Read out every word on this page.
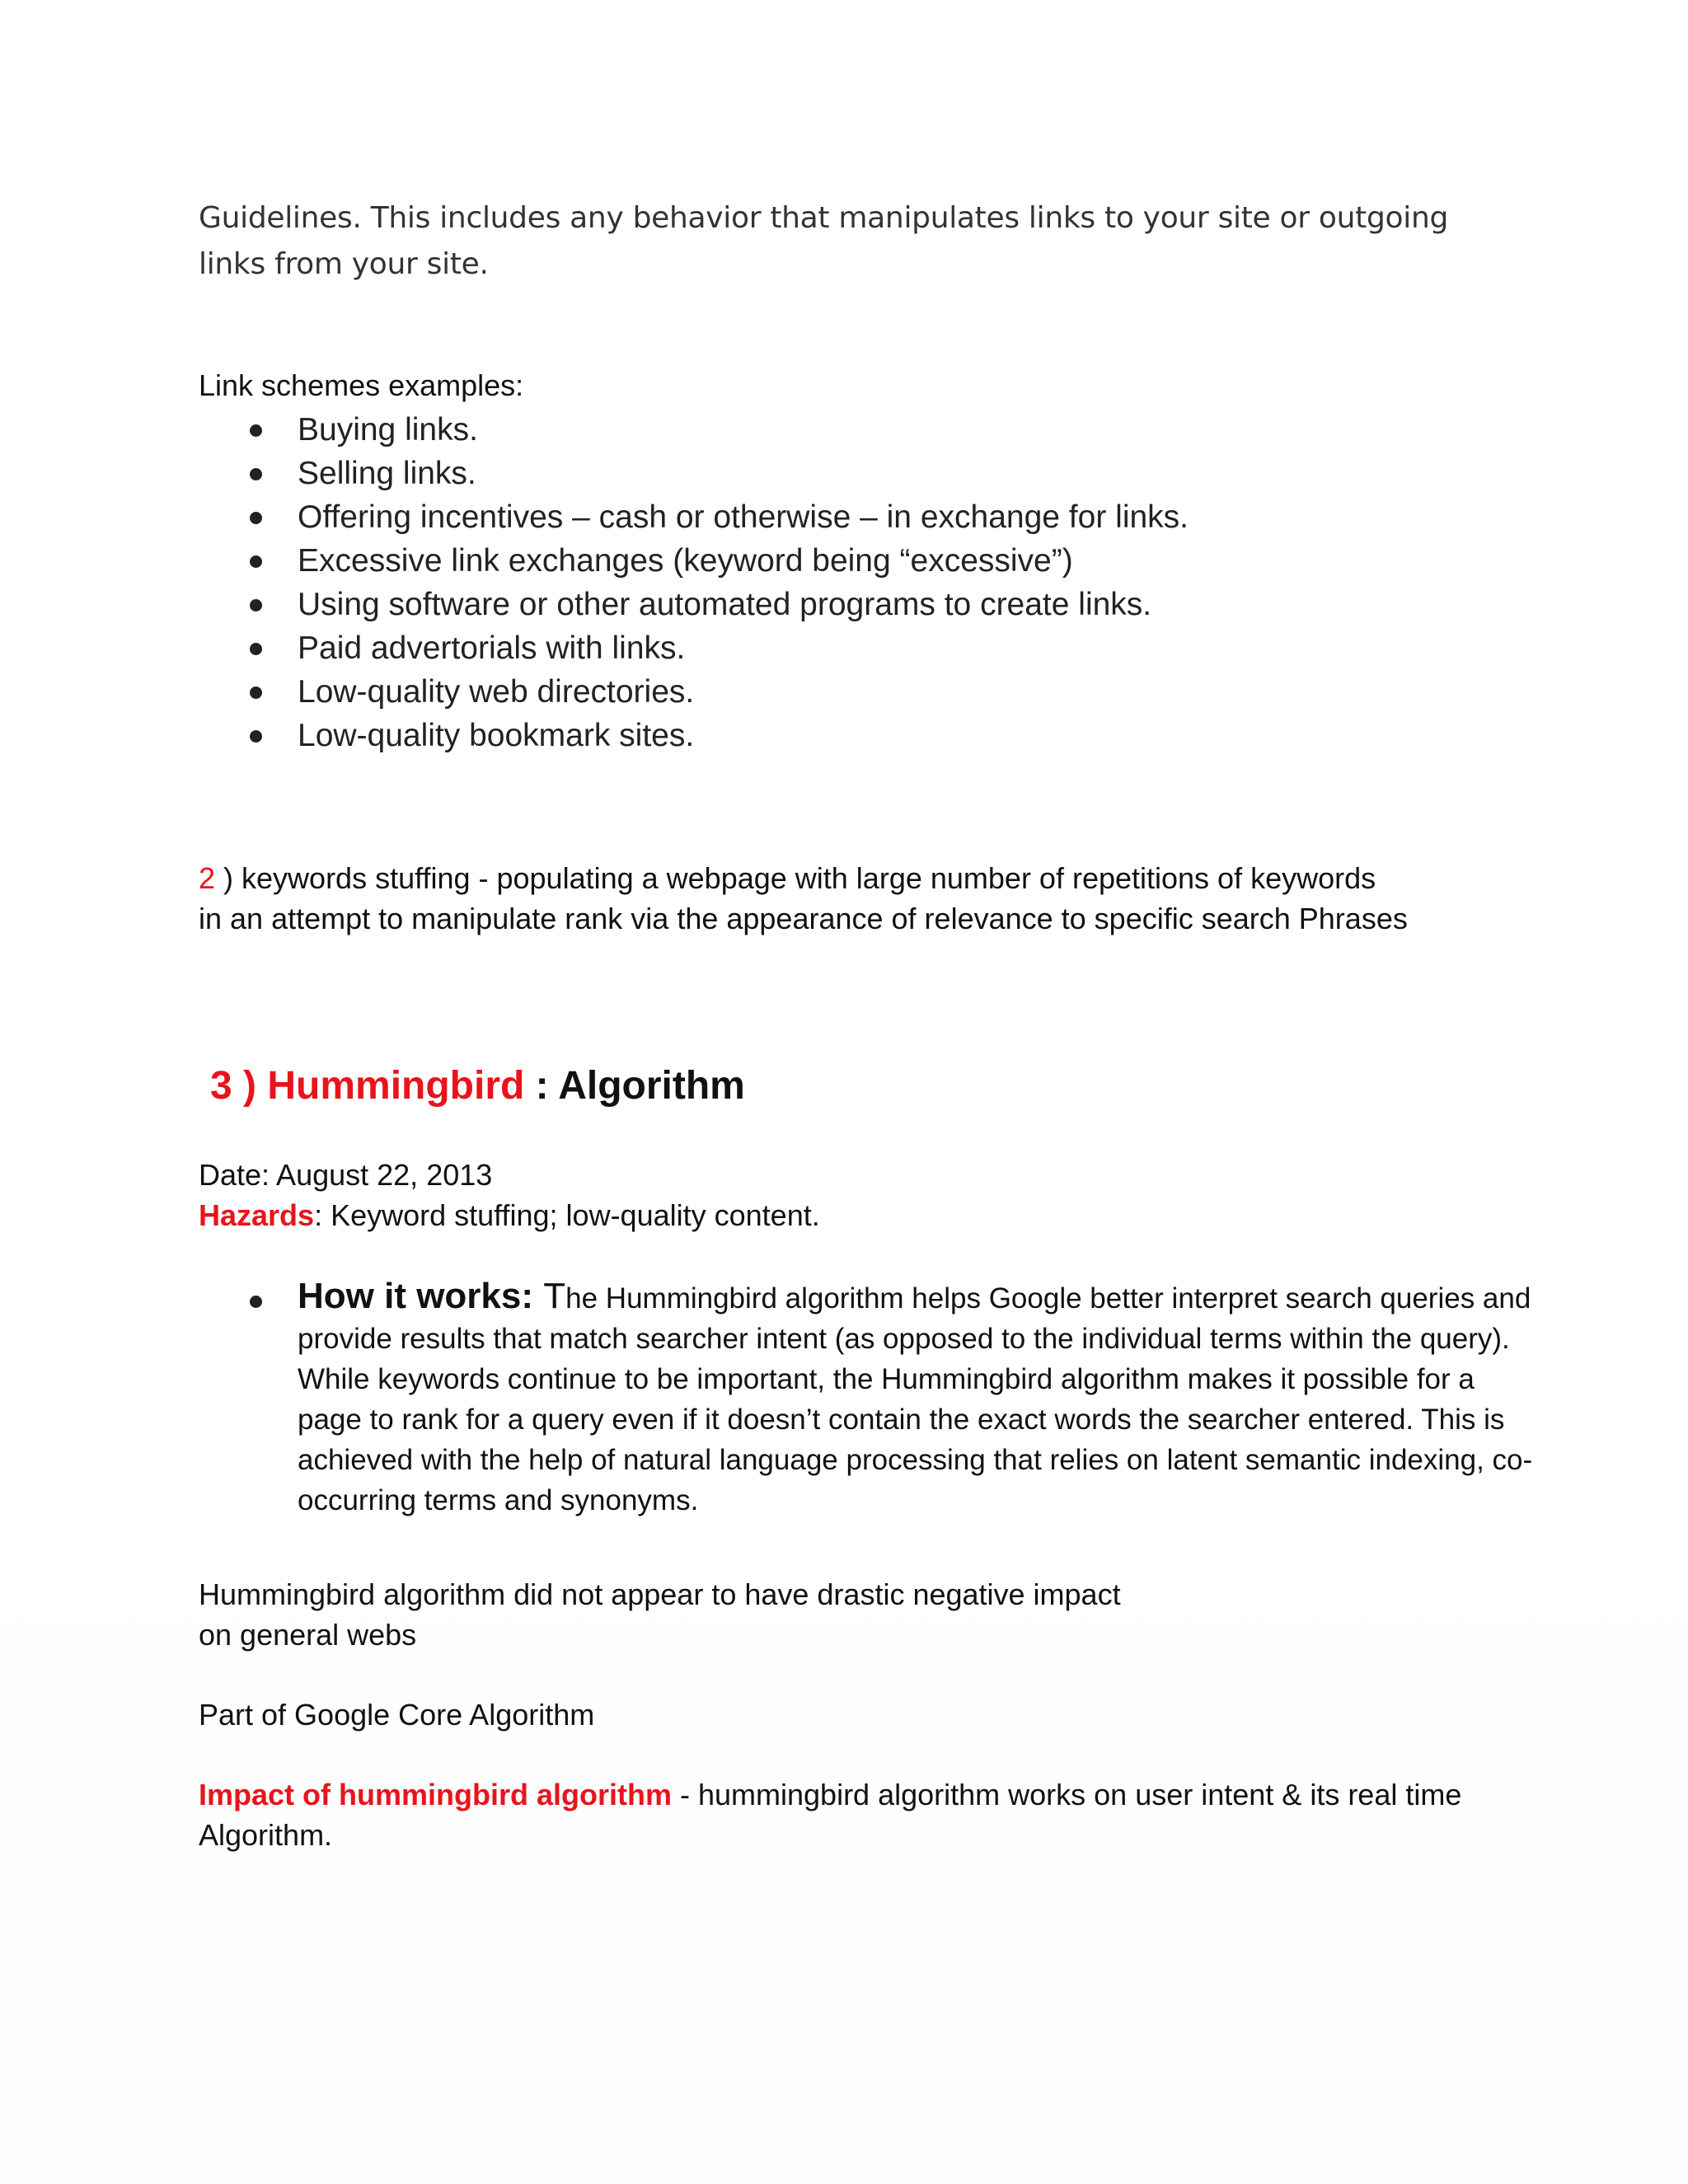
Guidelines. This includes any behavior that manipulates links to your site or outgoing
links from your site.

Link schemes examples:

Buying links.
Selling links.
Offering incentives – cash or otherwise – in exchange for links.
Excessive link exchanges (keyword being “excessive”)
Using software or other automated programs to create links.
Paid advertorials with links.
Low-quality web directories.
Low-quality bookmark sites.

2 ) keywords stuffing - populating a webpage with large number of repetitions of keywords
in an attempt to manipulate rank via the appearance of relevance to specific search Phrases

3 ) Hummingbird : Algorithm

Date: August 22, 2013

Hazards: Keyword stuffing; low-quality content.

How it works: The Hummingbird algorithm helps Google better interpret search queries and provide results that match searcher intent (as opposed to the individual terms within the query). While keywords continue to be important, the Hummingbird algorithm makes it possible for a page to rank for a query even if it doesn’t contain the exact words the searcher entered. This is achieved with the help of natural language processing that relies on latent semantic indexing, co-occurring terms and synonyms.

Hummingbird algorithm did not appear to have drastic negative impact
on general webs

Part of Google Core Algorithm

Impact of hummingbird algorithm - hummingbird algorithm works on user intent & its real time
Algorithm.
